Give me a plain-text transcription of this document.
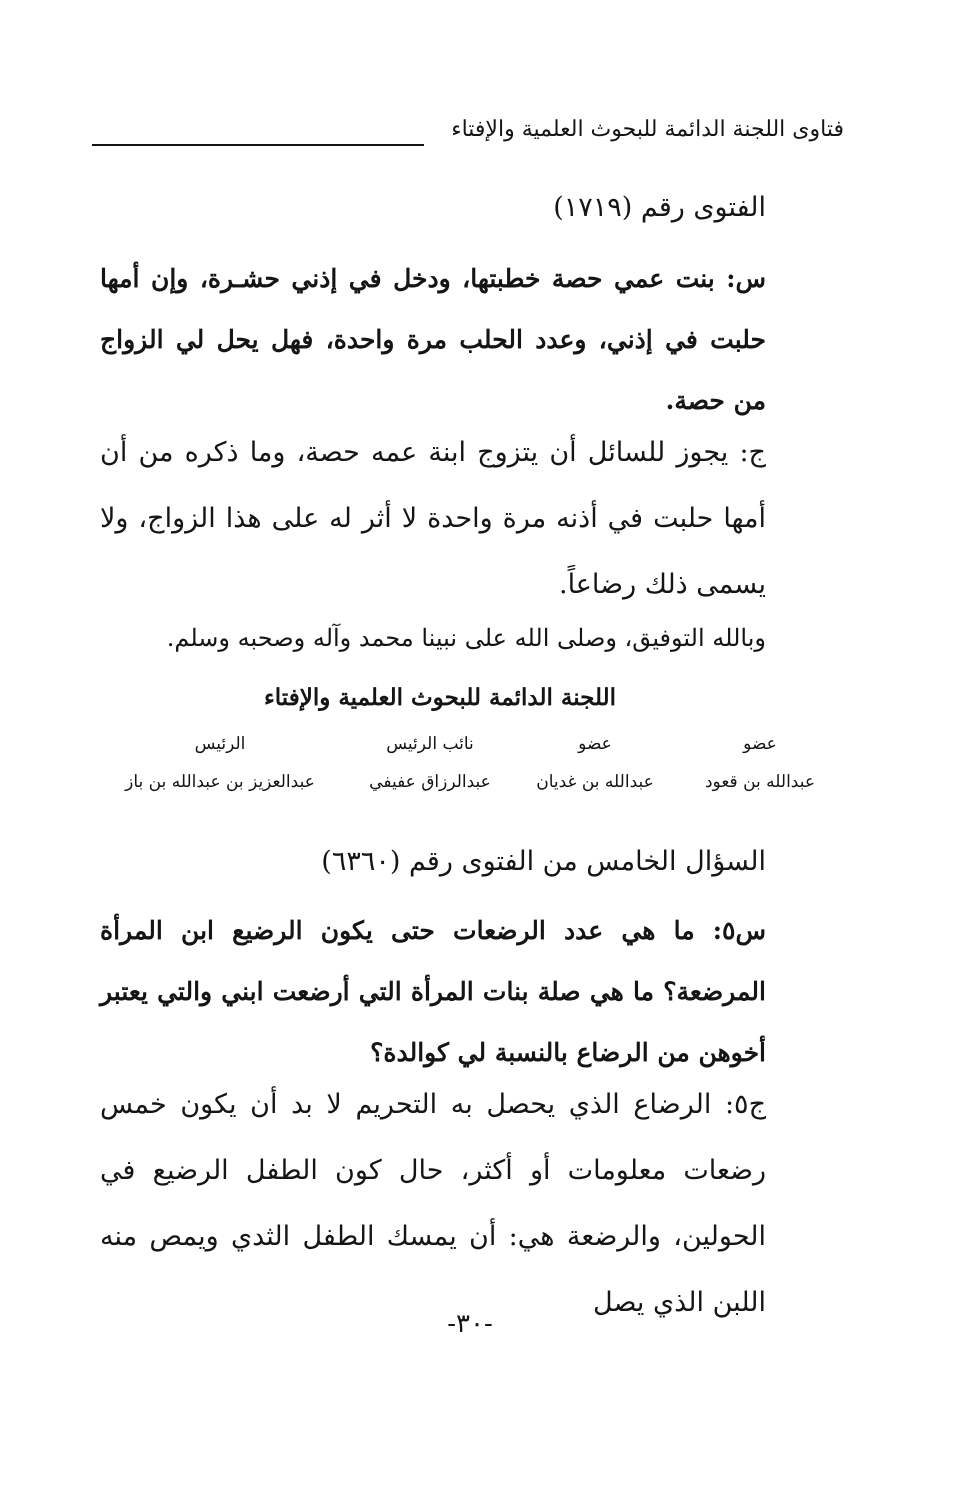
فتاوى اللجنة الدائمة للبحوث العلمية والإفتاء
الفتوى رقم (١٧١٩)
س: بنت عمي حصة خطبتها، ودخل في إذني حشـرة، وإن أمها حلبت في إذني، وعدد الحلب مرة واحدة، فهل يحل لي الزواج من حصة.
ج: يجوز للسائل أن يتزوج ابنة عمه حصة، وما ذكره من أن أمها حلبت في أذنه مرة واحدة لا أثر له على هذا الزواج، ولا يسمى ذلك رضاعاً.
وبالله التوفيق، وصلى الله على نبينا محمد وآله وصحبه وسلم.
اللجنة الدائمة للبحوث العلمية والإفتاء
عضو
عبدالله بن قعود
عضو
عبدالله بن غديان
نائب الرئيس
عبدالرزاق عفيفي
الرئيس
عبدالعزيز بن عبدالله بن باز
السؤال الخامس من الفتوى رقم (٦٣٦٠)
س٥: ما هي عدد الرضعات حتى يكون الرضيع ابن المرأة المرضعة؟ ما هي صلة بنات المرأة التي أرضعت ابني والتي يعتبر أخوهن من الرضاع بالنسبة لي كوالدة؟
ج٥: الرضاع الذي يحصل به التحريم لا بد أن يكون خمس رضعات معلومات أو أكثر، حال كون الطفل الرضيع في الحولين، والرضعة هي: أن يمسك الطفل الثدي ويمص منه اللبن الذي يصل
-٣٠-
